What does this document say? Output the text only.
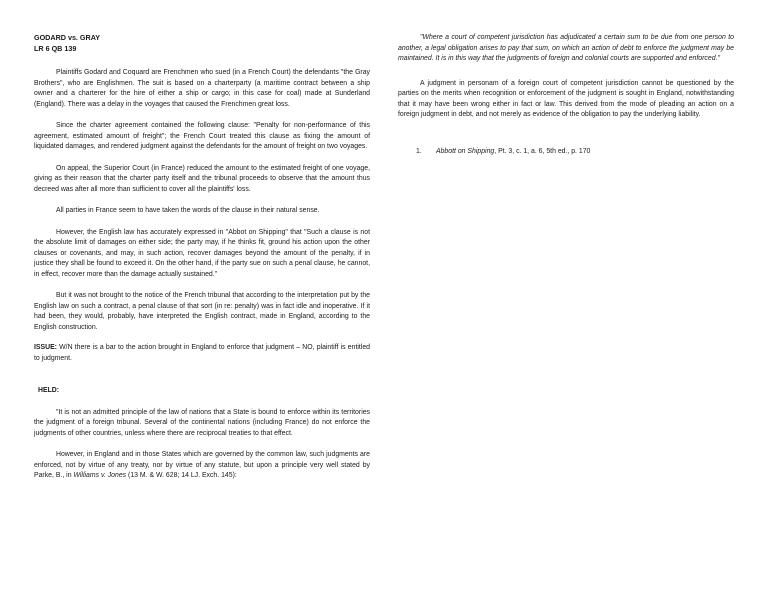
GODARD vs. GRAY

LR 6 QB 139

Plaintiffs Godard and Coquard are Frenchmen who sued (in a French Court) the defendants "the Gray Brothers", who are Englishmen. The suit is based on a charterparty (a maritime contract between a ship owner and a charterer for the hire of either a ship or cargo; in this case for coal) made at Sunderland (England). There was a delay in the voyages that caused the Frenchmen great loss.

Since the charter agreement contained the following clause: "Penalty for non-performance of this agreement, estimated amount of freight"; the French Court treated this clause as fixing the amount of liquidated damages, and rendered judgment against the defendants for the amount of freight on two voyages.

On appeal, the Superior Court (in France) reduced the amount to the estimated freight of one voyage, giving as their reason that the charter party itself and the tribunal proceeds to observe that the amount thus decreed was after all more than sufficient to cover all the plaintiffs' loss.

All parties in France seem to have taken the words of the clause in their natural sense.

However, the English law has accurately expressed in "Abbot on Shipping" that "Such a clause is not the absolute limit of damages on either side; the party may, if he thinks fit, ground his action upon the other clauses or covenants, and may, in such action, recover damages beyond the amount of the penalty, if in justice they shall be found to exceed it. On the other hand, if the party sue on such a penal clause, he cannot, in effect, recover more than the damage actually sustained."

But it was not brought to the notice of the French tribunal that according to the interpretation put by the English law on such a contract, a penal clause of that sort (in re: penalty) was in fact idle and inoperative. If it had been, they would, probably, have interpreted the English contract, made in England, according to the English construction.

ISSUE: W/N there is a bar to the action brought in England to enforce that judgment – NO, plaintiff is entitled to judgment.

HELD:

"It is not an admitted principle of the law of nations that a State is bound to enforce within its territories the judgment of a foreign tribunal. Several of the continental nations (including France) do not enforce the judgments of other countries, unless where there are reciprocal treaties to that effect.

However, in England and in those States which are governed by the common law, such judgments are enforced, not by virtue of any treaty, nor by virtue of any statute, but upon a principle very well stated by Parke, B., in Williams v. Jones (13 M. & W. 628; 14 LJ. Exch. 145):

"Where a court of competent jurisdiction has adjudicated a certain sum to be due from one person to another, a legal obligation arises to pay that sum, on which an action of debt to enforce the judgment may be maintained. It is in this way that the judgments of foreign and colonial courts are supported and enforced."

A judgment in personam of a foreign court of competent jurisdiction cannot be questioned by the parties on the merits when recognition or enforcement of the judgment is sought in England, notwithstanding that it may have been wrong either in fact or law. This derived from the mode of pleading an action on a foreign judgment in debt, and not merely as evidence of the obligation to pay the underlying liability.

1.	Abbott on Shipping, Pt. 3, c. 1, a. 6, 5th ed., p. 170
